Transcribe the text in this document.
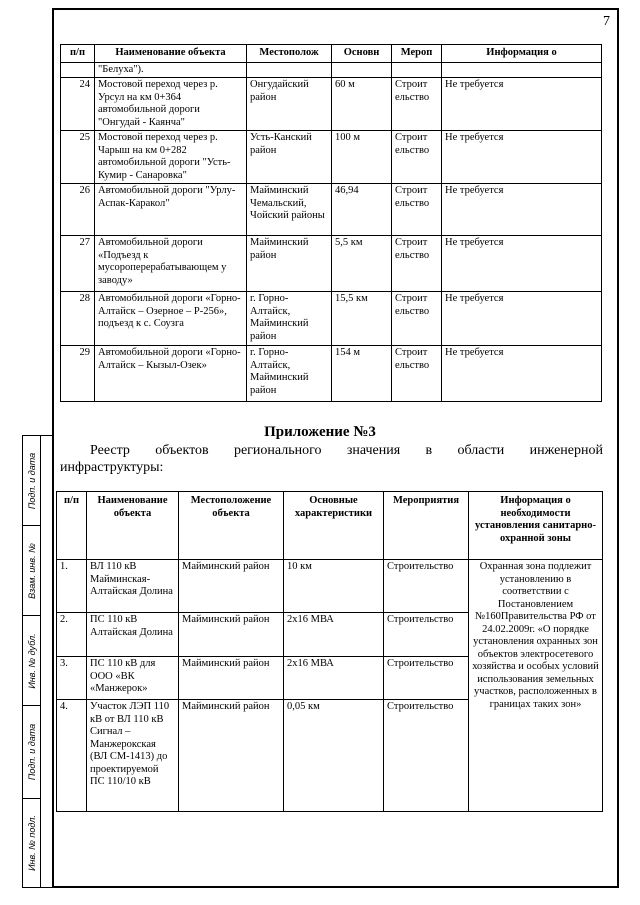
7
Подп. и дата
Взам. инв. №
Инв. № дубл.
Подп. и дата
Инв. № подл.
п/п	Наименование объекта	Местополож	Основн	Мероп	Информация о
	"Белуха").				
24	Мостовой переход через р. Урсул на км 0+364 автомобильной дороги "Онгудай - Каянча"	Онгудайский район	60 м	Строит ельство	Не требуется
25	Мостовой переход через р. Чарыш на км 0+282 автомобильной дороги "Усть-Кумир - Санаровка"	Усть-Канский район	100 м	Строит ельство	Не требуется
26	Автомобильной дороги "Урлу- Аспак-Каракол"	Майминский Чемальский, Чойский районы	46,94	Строит ельство	Не требуется
27	Автомобильной дороги «Подъезд к мусороперерабатывающем у заводу»	Майминский район	5,5 км	Строит ельство	Не требуется
28	Автомобильной дороги «Горно-Алтайск – Озерное – Р-256», подъезд к с. Соузга	г. Горно-Алтайск, Майминский район	15,5 км	Строит ельство	Не требуется
29	Автомобильной дороги «Горно-Алтайск – Кызыл-Озек»	г. Горно-Алтайск, Майминский район	154 м	Строит ельство	Не требуется
Приложение №3
Реестр объектов регионального значения в области инженерной
инфраструктуры:
п/п	Наименование объекта	Местоположение объекта	Основные характеристики	Мероприятия	Информация о необходимости установления санитарно-охранной зоны
1.	ВЛ 110 кВ Майминская-Алтайская Долина	Майминский район	10 км	Строительство	Охранная зона подлежит установлению в соответствии с Постановлением №160Правительства РФ от 24.02.2009г. «О порядке установления охранных зон объектов электросетевого хозяйства и особых условий использования земельных участков, расположенных в границах таких зон»
2.	ПС 110 кВ Алтайская Долина	Майминский район	2х16 МВА	Строительство	
3.	ПС 110 кВ для ООО «ВК «Манжерок»	Майминский район	2х16 МВА	Строительство	
4.	Участок ЛЭП 110 кВ от ВЛ 110 кВ Сигнал – Манжерокская (ВЛ СМ-1413) до проектируемой ПС 110/10 кВ	Майминский район	0,05 км	Строительство	
